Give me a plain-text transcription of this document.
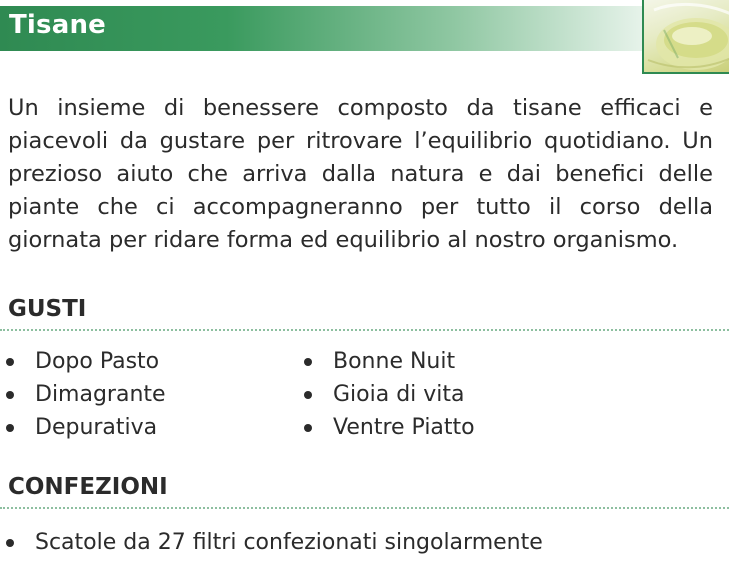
Tisane

Un insieme di benessere composto da tisane efficaci e piacevoli da gustare per ritrovare l’equilibrio quotidiano. Un prezioso aiuto che arriva dalla natura e dai benefici delle piante che ci accompagneranno per tutto il corso della giornata per ridare forma ed equilibrio al nostro organismo.

GUSTI
Dopo Pasto
Dimagrante
Depurativa
Bonne Nuit
Gioia di vita
Ventre Piatto
CONFEZIONI
Scatole da 27 filtri confezionati singolarmente
